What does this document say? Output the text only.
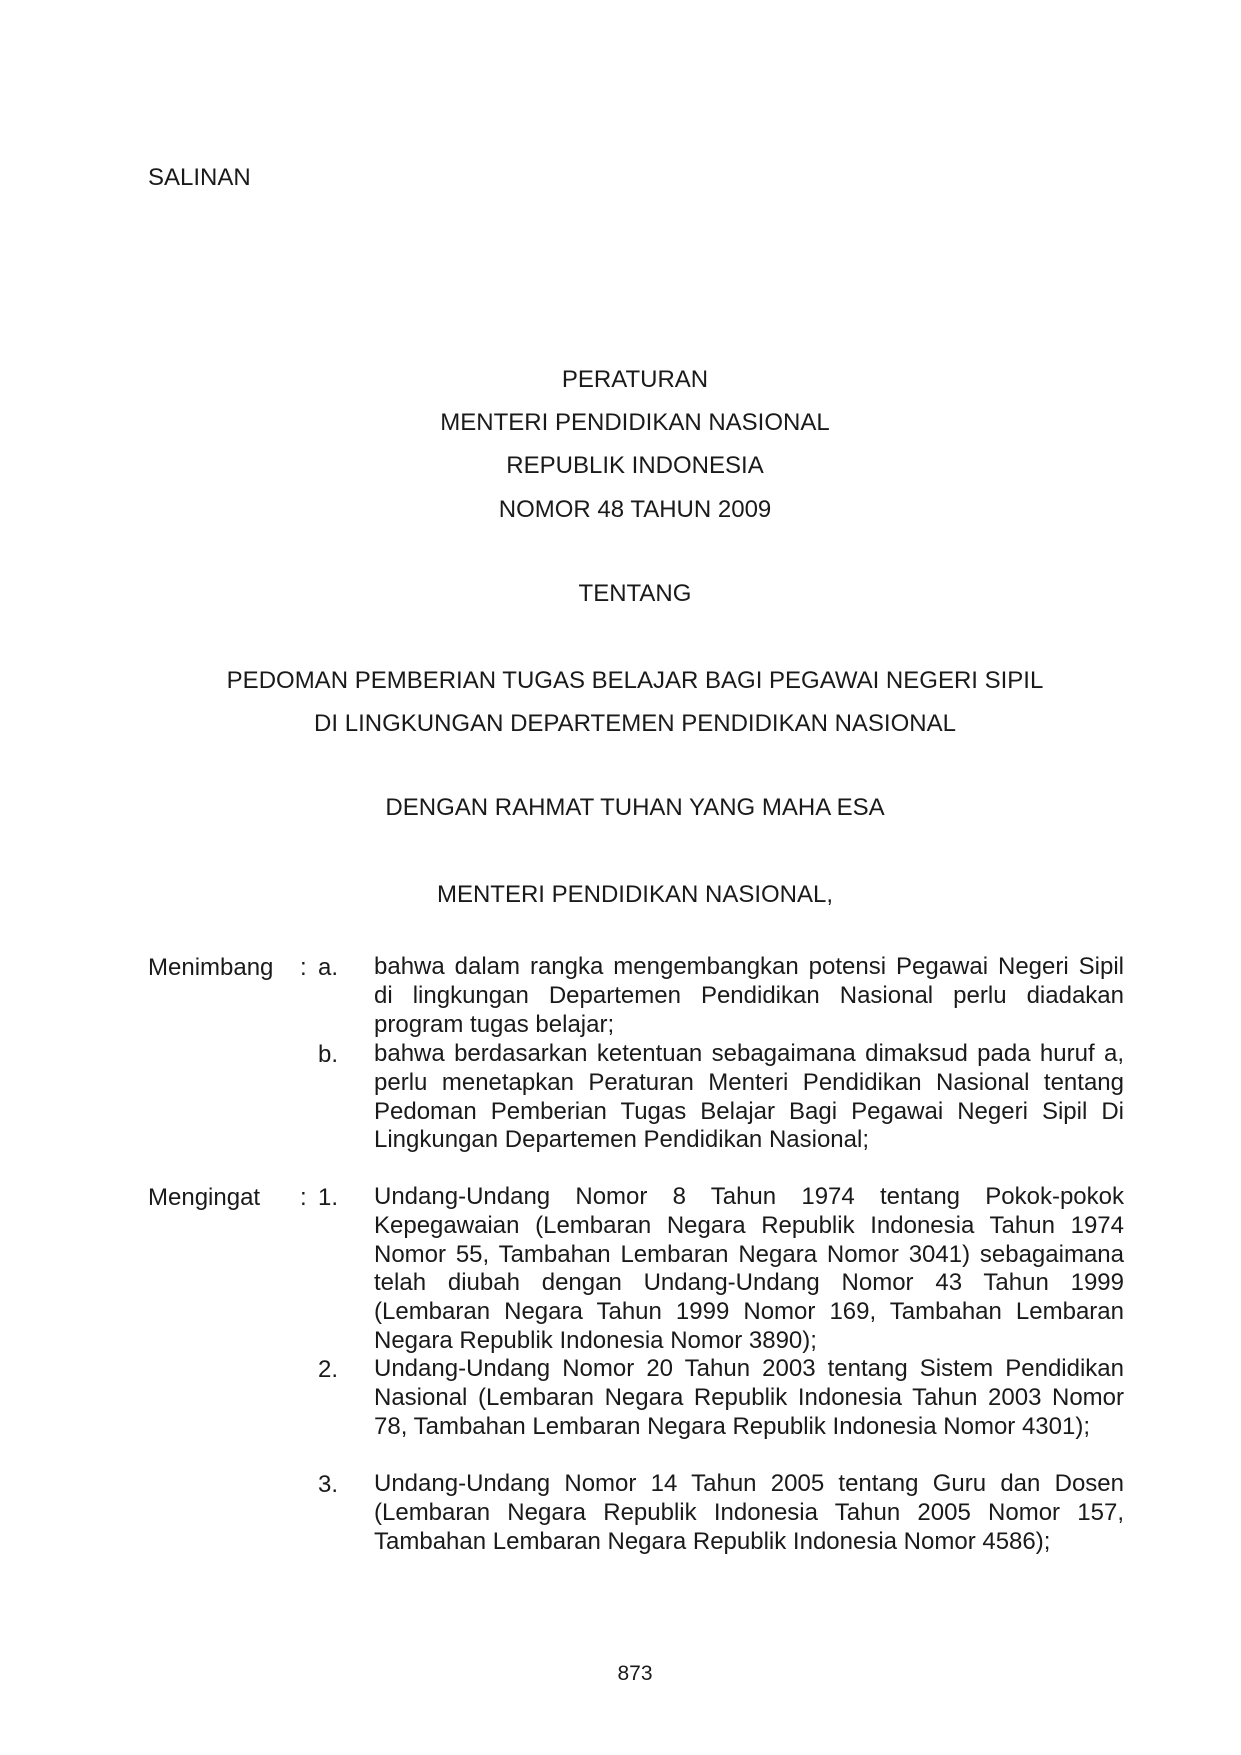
SALINAN
PERATURAN
MENTERI PENDIDIKAN NASIONAL
REPUBLIK INDONESIA
NOMOR 48 TAHUN 2009
TENTANG
PEDOMAN PEMBERIAN TUGAS BELAJAR BAGI PEGAWAI NEGERI SIPIL
DI LINGKUNGAN DEPARTEMEN PENDIDIKAN NASIONAL
DENGAN RAHMAT TUHAN YANG MAHA ESA
MENTERI PENDIDIKAN NASIONAL,
Menimbang : a. bahwa dalam rangka mengembangkan potensi Pegawai Negeri Sipil di lingkungan Departemen Pendidikan Nasional perlu diadakan program tugas belajar;
b. bahwa berdasarkan ketentuan sebagaimana dimaksud pada huruf a, perlu menetapkan Peraturan Menteri Pendidikan Nasional tentang Pedoman Pemberian Tugas Belajar Bagi Pegawai Negeri Sipil Di Lingkungan Departemen Pendidikan Nasional;
Mengingat : 1. Undang-Undang Nomor 8 Tahun 1974 tentang Pokok-pokok Kepegawaian (Lembaran Negara Republik Indonesia Tahun 1974 Nomor 55, Tambahan Lembaran Negara Nomor 3041) sebagaimana telah diubah dengan Undang-Undang Nomor 43 Tahun 1999 (Lembaran Negara Tahun 1999 Nomor 169, Tambahan Lembaran Negara Republik Indonesia Nomor 3890);
2. Undang-Undang Nomor 20 Tahun 2003 tentang Sistem Pendidikan Nasional (Lembaran Negara Republik Indonesia Tahun 2003 Nomor 78, Tambahan Lembaran Negara Republik Indonesia Nomor 4301);
3. Undang-Undang Nomor 14 Tahun 2005 tentang Guru dan Dosen (Lembaran Negara Republik Indonesia Tahun 2005 Nomor 157, Tambahan Lembaran Negara Republik Indonesia Nomor 4586);
873
